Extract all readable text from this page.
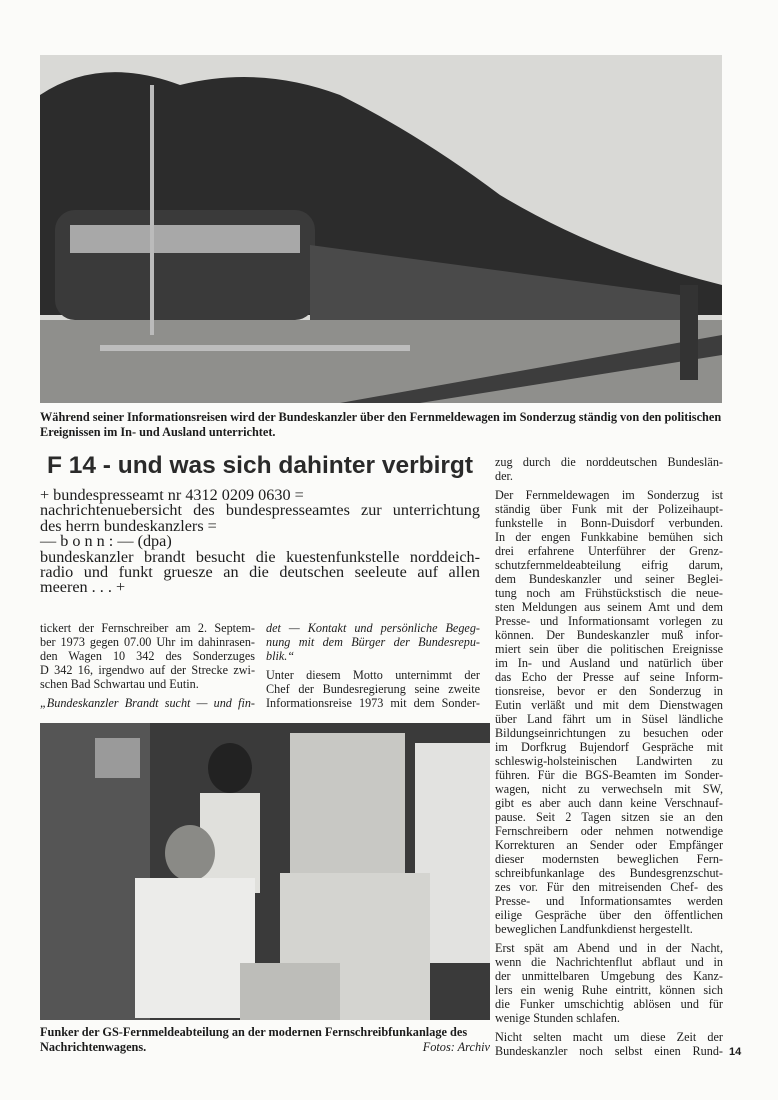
Während seiner Informationsreisen wird der Bundeskanzler über den Fernmeldewagen im Sonderzug ständig von den politischen Ereignissen im In- und Ausland unterrichtet.
F 14 - und was sich dahinter verbirgt
+ bundespresseamt nr 4312 0209 0630 =
nachrichtenuebersicht des bundespresseamtes zur unterrichtung
des herrn bundeskanzlers =
— b o n n : — (dpa)
bundeskanzler brandt besucht die kuestenfunkstelle norddeich-
radio und funkt gruesze an die deutschen seeleute auf allen
meeren . . . +
tickert der Fernschreiber am 2. Septem-
ber 1973 gegen 07.00 Uhr im dahinrasen-
den Wagen 10 342 des Sonderzuges
D 342 16, irgendwo auf der Strecke zwi-
schen Bad Schwartau und Eutin.
„Bundeskanzler Brandt sucht — und fin-
det — Kontakt und persönliche Begeg-
nung mit dem Bürger der Bundesrepu-
blik.“
Unter diesem Motto unternimmt der
Chef der Bundesregierung seine zweite
Informationsreise 1973 mit dem Sonder-
zug durch die norddeutschen Bundeslän-
der.
Der Fernmeldewagen im Sonderzug ist
ständig über Funk mit der Polizeihaupt-
funkstelle in Bonn-Duisdorf verbunden.
In der engen Funkkabine bemühen sich
drei erfahrene Unterführer der Grenz-
schutzfernmeldeabteilung eifrig darum,
dem Bundeskanzler und seiner Beglei-
tung noch am Frühstückstisch die neue-
sten Meldungen aus seinem Amt und dem
Presse- und Informationsamt vorlegen zu
können. Der Bundeskanzler muß infor-
miert sein über die politischen Ereignisse
im In- und Ausland und natürlich über
das Echo der Presse auf seine Inform-
tionsreise, bevor er den Sonderzug in
Eutin verläßt und mit dem Dienstwagen
über Land fährt um in Süsel ländliche
Bildungseinrichtungen zu besuchen oder
im Dorfkrug Bujendorf Gespräche mit
schleswig-holsteinischen Landwirten zu
führen. Für die BGS-Beamten im Sonder-
wagen, nicht zu verwechseln mit SW,
gibt es aber auch dann keine Verschnauf-
pause. Seit 2 Tagen sitzen sie an den
Fernschreibern oder nehmen notwendige
Korrekturen an Sender oder Empfänger
dieser modernsten beweglichen Fern-
schreibfunkanlage des Bundesgrenzschut-
zes vor. Für den mitreisenden Chef- des
Presse- und Informationsamtes werden
eilige Gespräche über den öffentlichen
beweglichen Landfunkdienst hergestellt.
Erst spät am Abend und in der Nacht,
wenn die Nachrichtenflut abflaut und in
der unmittelbaren Umgebung des Kanz-
lers ein wenig Ruhe eintritt, können sich
die Funker umschichtig ablösen und für
wenige Stunden schlafen.
Nicht selten macht um diese Zeit der
Bundeskanzler noch selbst einen Rund-
Funker der GS-Fernmeldeabteilung an der modernen Fernschreibfunkanlage des Nachrichtenwagens.	Fotos: Archiv	14
